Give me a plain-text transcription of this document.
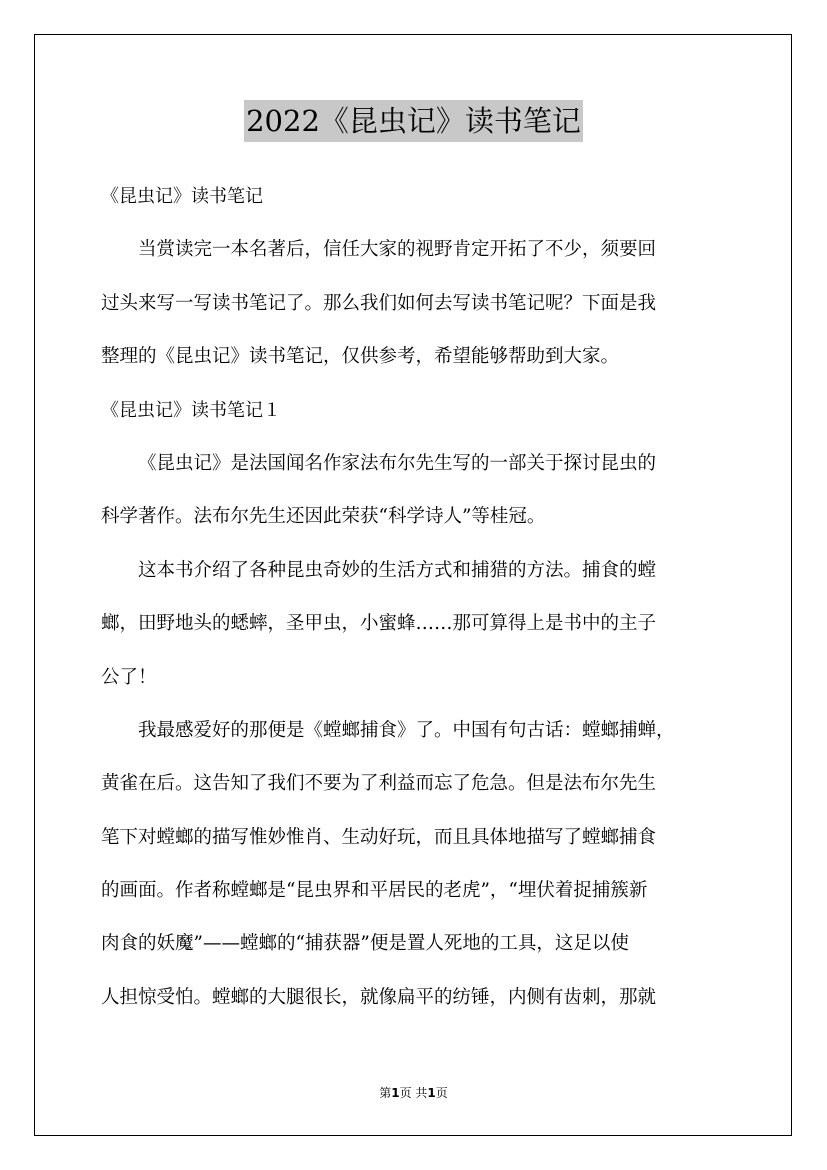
2022《昆虫记》读书笔记
《昆虫记》读书笔记
当赏读完一本名著后，信任大家的视野肯定开拓了不少，须要回
过头来写一写读书笔记了。那么我们如何去写读书笔记呢？下面是我
整理的《昆虫记》读书笔记，仅供参考，希望能够帮助到大家。
《昆虫记》读书笔记１
《昆虫记》是法国闻名作家法布尔先生写的一部关于探讨昆虫的
科学著作。法布尔先生还因此荣获“科学诗人”等桂冠。
这本书介绍了各种昆虫奇妙的生活方式和捕猎的方法。捕食的螳
螂，田野地头的蟋蟀，圣甲虫，小蜜蜂……那可算得上是书中的主子
公了！
我最感爱好的那便是《螳螂捕食》了。中国有句古话：螳螂捕蝉，
黄雀在后。这告知了我们不要为了利益而忘了危急。但是法布尔先生
笔下对螳螂的描写惟妙惟肖、生动好玩，而且具体地描写了螳螂捕食
的画面。作者称螳螂是“昆虫界和平居民的老虎”，“埋伏着捉捕簇新
肉食的妖魔”——螳螂的“捕获器”便是置人死地的工具，这足以使
人担惊受怕。螳螂的大腿很长，就像扁平的纺锤，内侧有齿刺，那就
第1页 共1页
